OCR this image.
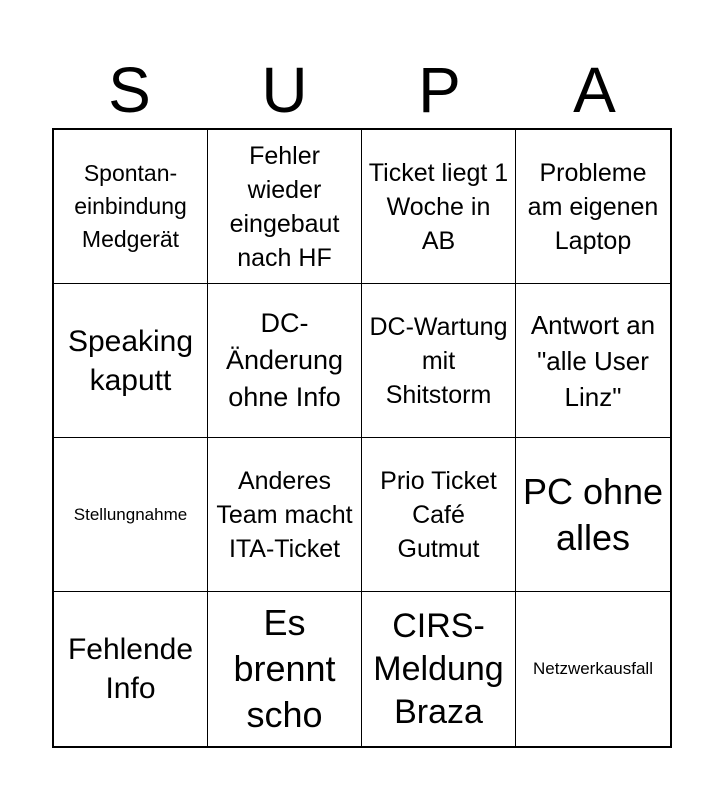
S	U	P	A
Spontan-einbindung Medgerät
Fehler wieder eingebaut nach HF
Ticket liegt 1 Woche in AB
Probleme am eigenen Laptop
Speaking kaputt
DC-Änderung ohne Info
DC-Wartung mit Shitstorm
Antwort an "alle User Linz"
Stellungnahme
Anderes Team macht ITA-Ticket
Prio Ticket Café Gutmut
PC ohne alles
Fehlende Info
Es brennt scho
CIRS-Meldung Braza
Netzwerkausfall
